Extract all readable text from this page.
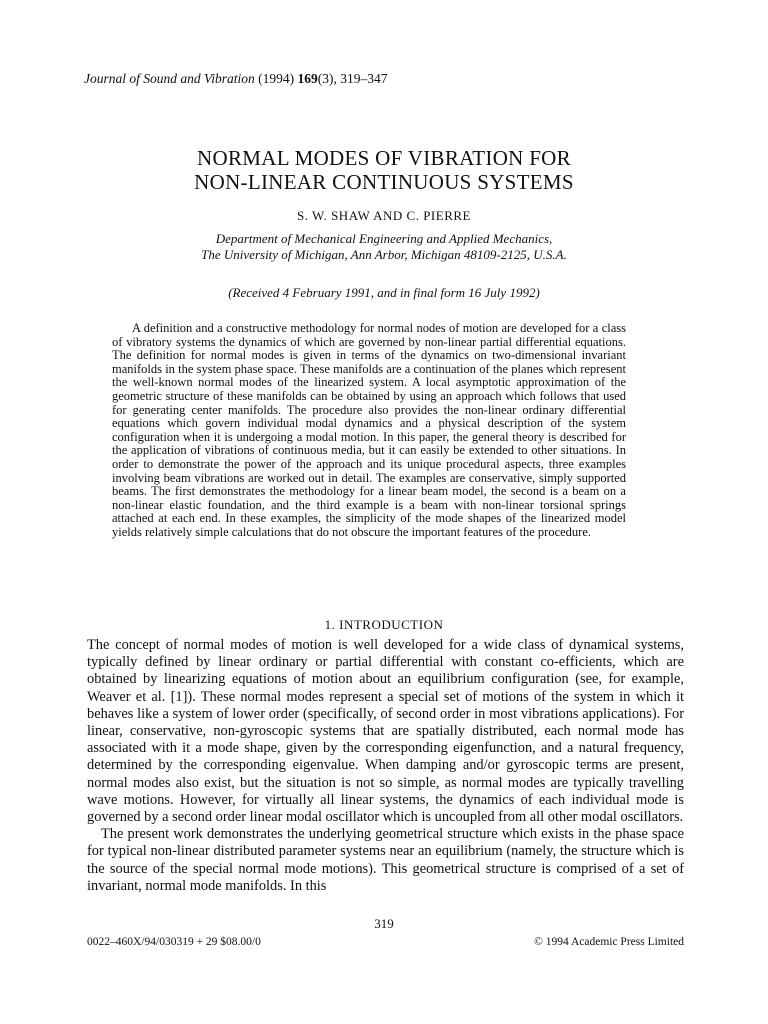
Journal of Sound and Vibration (1994) 169(3), 319–347
NORMAL MODES OF VIBRATION FOR
NON-LINEAR CONTINUOUS SYSTEMS
S. W. SHAW AND C. PIERRE
Department of Mechanical Engineering and Applied Mechanics,
The University of Michigan, Ann Arbor, Michigan 48109-2125, U.S.A.
(Received 4 February 1991, and in final form 16 July 1992)
A definition and a constructive methodology for normal nodes of motion are developed for a class of vibratory systems the dynamics of which are governed by non-linear partial differential equations. The definition for normal modes is given in terms of the dynamics on two-dimensional invariant manifolds in the system phase space. These manifolds are a continuation of the planes which represent the well-known normal modes of the linearized system. A local asymptotic approximation of the geometric structure of these manifolds can be obtained by using an approach which follows that used for generating center manifolds. The procedure also provides the non-linear ordinary differential equations which govern individual modal dynamics and a physical description of the system configuration when it is undergoing a modal motion. In this paper, the general theory is described for the application of vibrations of continuous media, but it can easily be extended to other situations. In order to demonstrate the power of the approach and its unique procedural aspects, three examples involving beam vibrations are worked out in detail. The examples are conservative, simply supported beams. The first demonstrates the methodology for a linear beam model, the second is a beam on a non-linear elastic foundation, and the third example is a beam with non-linear torsional springs attached at each end. In these examples, the simplicity of the mode shapes of the linearized model yields relatively simple calculations that do not obscure the important features of the procedure.
1. INTRODUCTION

The concept of normal modes of motion is well developed for a wide class of dynamical systems, typically defined by linear ordinary or partial differential with constant co-efficients, which are obtained by linearizing equations of motion about an equilibrium configuration (see, for example, Weaver et al. [1]). These normal modes represent a special set of motions of the system in which it behaves like a system of lower order (specifically, of second order in most vibrations applications). For linear, conservative, non-gyroscopic systems that are spatially distributed, each normal mode has associated with it a mode shape, given by the corresponding eigenfunction, and a natural frequency, determined by the corresponding eigenvalue. When damping and/or gyroscopic terms are present, normal modes also exist, but the situation is not so simple, as normal modes are typically travelling wave motions. However, for virtually all linear systems, the dynamics of each individual mode is governed by a second order linear modal oscillator which is uncoupled from all other modal oscillators.

The present work demonstrates the underlying geometrical structure which exists in the phase space for typical non-linear distributed parameter systems near an equilibrium (namely, the structure which is the source of the special normal mode motions). This geometrical structure is comprised of a set of invariant, normal mode manifolds. In this

319
0022–460X/94/030319 + 29 $08.00/0	© 1994 Academic Press Limited
